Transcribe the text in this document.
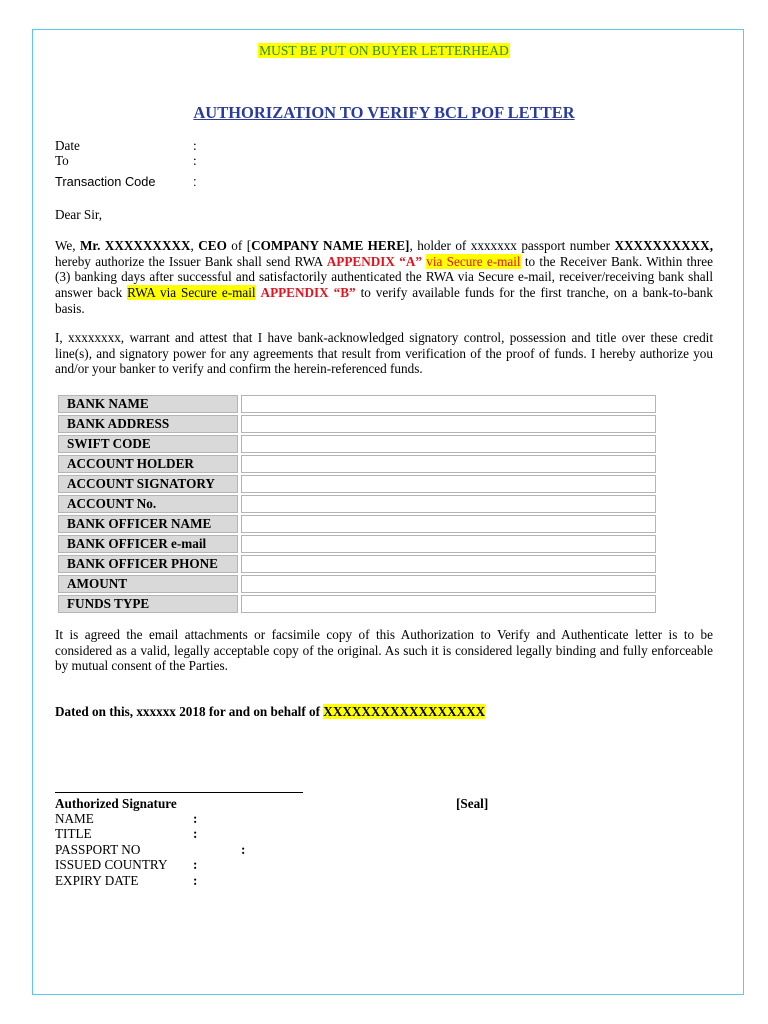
MUST BE PUT ON BUYER LETTERHEAD
AUTHORIZATION TO VERIFY BCL POF LETTER
Date	:
To	:
Transaction Code	:
Dear Sir,
We, Mr. XXXXXXXXX, CEO of [COMPANY NAME HERE], holder of xxxxxxx passport number XXXXXXXXXX, hereby authorize the Issuer Bank shall send RWA APPENDIX “A” via Secure e-mail to the Receiver Bank. Within three (3) banking days after successful and satisfactorily authenticated the RWA via Secure e-mail, receiver/receiving bank shall answer back RWA via Secure e-mail APPENDIX “B” to verify available funds for the first tranche, on a bank-to-bank basis.
I, xxxxxxxx, warrant and attest that I have bank-acknowledged signatory control, possession and title over these credit line(s), and signatory power for any agreements that result from verification of the proof of funds. I hereby authorize you and/or your banker to verify and confirm the herein-referenced funds.
BANK NAME	
BANK ADDRESS	
SWIFT CODE	
ACCOUNT HOLDER	
ACCOUNT SIGNATORY	
ACCOUNT No.	
BANK OFFICER NAME	
BANK OFFICER e-mail	
BANK OFFICER PHONE	
AMOUNT	
FUNDS TYPE	
It is agreed the email attachments or facsimile copy of this Authorization to Verify and Authenticate letter is to be considered as a valid, legally acceptable copy of the original. As such it is considered legally binding and fully enforceable by mutual consent of the Parties.
Dated on this, xxxxxx 2018 for and on behalf of XXXXXXXXXXXXXXXXX
Authorized Signature	[Seal]
NAME	:
TITLE	:
PASSPORT NO	:
ISSUED COUNTRY :
EXPIRY DATE	:
